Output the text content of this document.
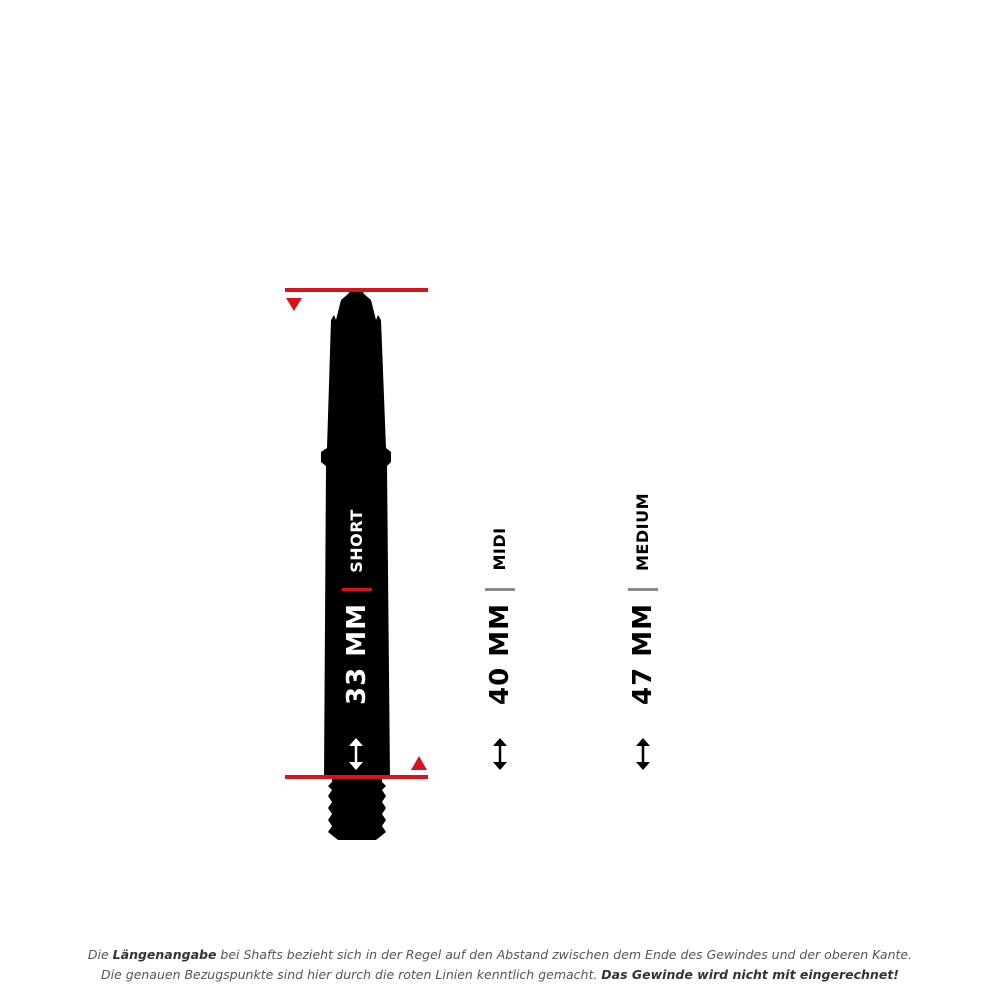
SHORT
33 MM
MIDI
40 MM
MEDIUM
47 MM
Die Längenangabe bei Shafts bezieht sich in der Regel auf den Abstand zwischen dem Ende des Gewindes und der oberen Kante.
Die genauen Bezugspunkte sind hier durch die roten Linien kenntlich gemacht. Das Gewinde wird nicht mit eingerechnet!
